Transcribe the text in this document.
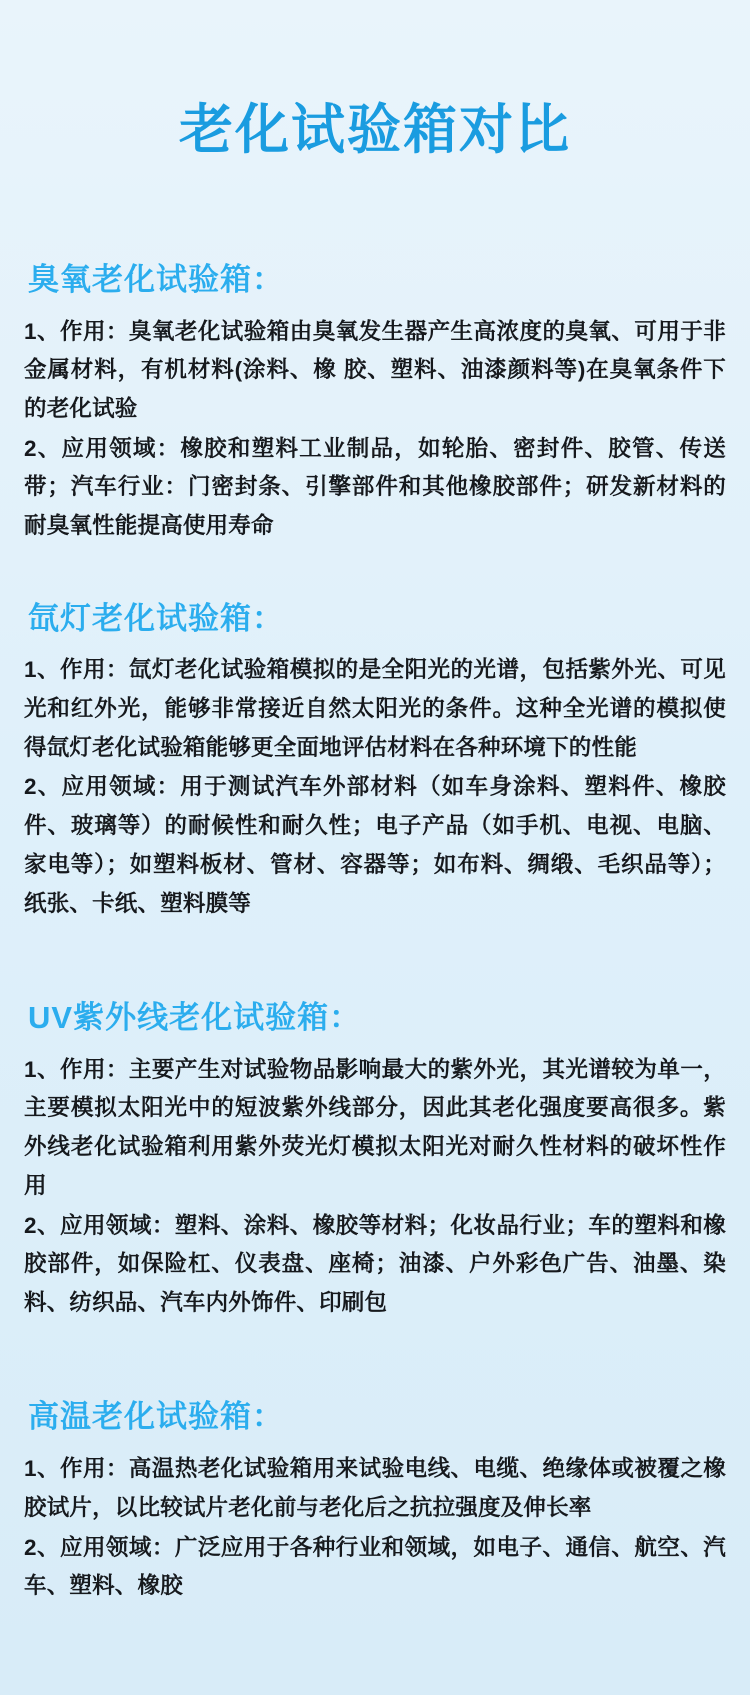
老化试验箱对比
臭氧老化试验箱：

1、作用：臭氧老化试验箱由臭氧发生器产生高浓度的臭氧、可用于非金属材料，有机材料(涂料、橡 胶、塑料、油漆颜料等)在臭氧条件下的老化试验

2、应用领域：橡胶和塑料工业制品，如轮胎、密封件、胶管、传送带；汽车行业：门密封条、引擎部件和其他橡胶部件；研发新材料的耐臭氧性能提高使用寿命

氙灯老化试验箱：

1、作用：氙灯老化试验箱模拟的是全阳光的光谱，包括紫外光、可见光和红外光，能够非常接近自然太阳光的条件。这种全光谱的模拟使得氙灯老化试验箱能够更全面地评估材料在各种环境下的性能

2、应用领域：用于测试汽车外部材料（如车身涂料、塑料件、橡胶件、玻璃等）的耐候性和耐久性；电子产品（如手机、电视、电脑、家电等）；如塑料板材、管材、容器等；如布料、绸缎、毛织品等）；纸张、卡纸、塑料膜等

UV紫外线老化试验箱：

1、作用：主要产生对试验物品影响最大的紫外光，其光谱较为单一，主要模拟太阳光中的短波紫外线部分，因此其老化强度要高很多。紫外线老化试验箱利用紫外荧光灯模拟太阳光对耐久性材料的破坏性作用

2、应用领域：塑料、涂料、橡胶等材料；化妆品行业；车的塑料和橡胶部件，如保险杠、仪表盘、座椅；油漆、户外彩色广告、油墨、染料、纺织品、汽车内外饰件、印刷包

高温老化试验箱：

1、作用：高温热老化试验箱用来试验电线、电缆、绝缘体或被覆之橡胶试片，以比较试片老化前与老化后之抗拉强度及伸长率

2、应用领域：广泛应用于各种行业和领域，如电子、通信、航空、汽车、塑料、橡胶
